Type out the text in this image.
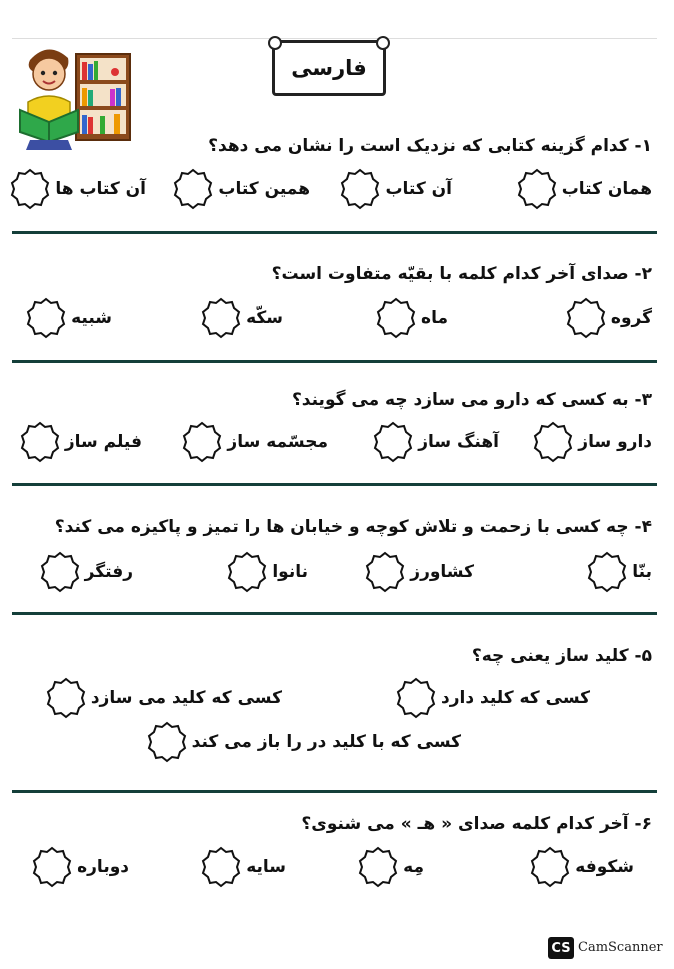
فارسی
۱- کدام گزینه کتابی که نزدیک است را نشان می دهد؟
همان کتاب
آن کتاب
همین کتاب
آن کتاب ها
۲- صدای آخر کدام کلمه با بقیّه متفاوت است؟
گروه
ماه
سکّه
شبیه
۳- به کسی که دارو می سازد چه می گویند؟
دارو ساز
آهنگ ساز
مجسّمه ساز
فیلم ساز
۴- چه کسی با زحمت و تلاش کوچه و خیابان ها را تمیز و پاکیزه می کند؟
بنّا
کشاورز
نانوا
رفتگر
۵- کلید ساز یعنی چه؟
کسی که کلید دارد
کسی که کلید می سازد
کسی که با کلید در را باز می کند
۶- آخر کدام کلمه صدای « هـ » می شنوی؟
شکوفه
مِه
سایه
دوباره
CS CamScanner
